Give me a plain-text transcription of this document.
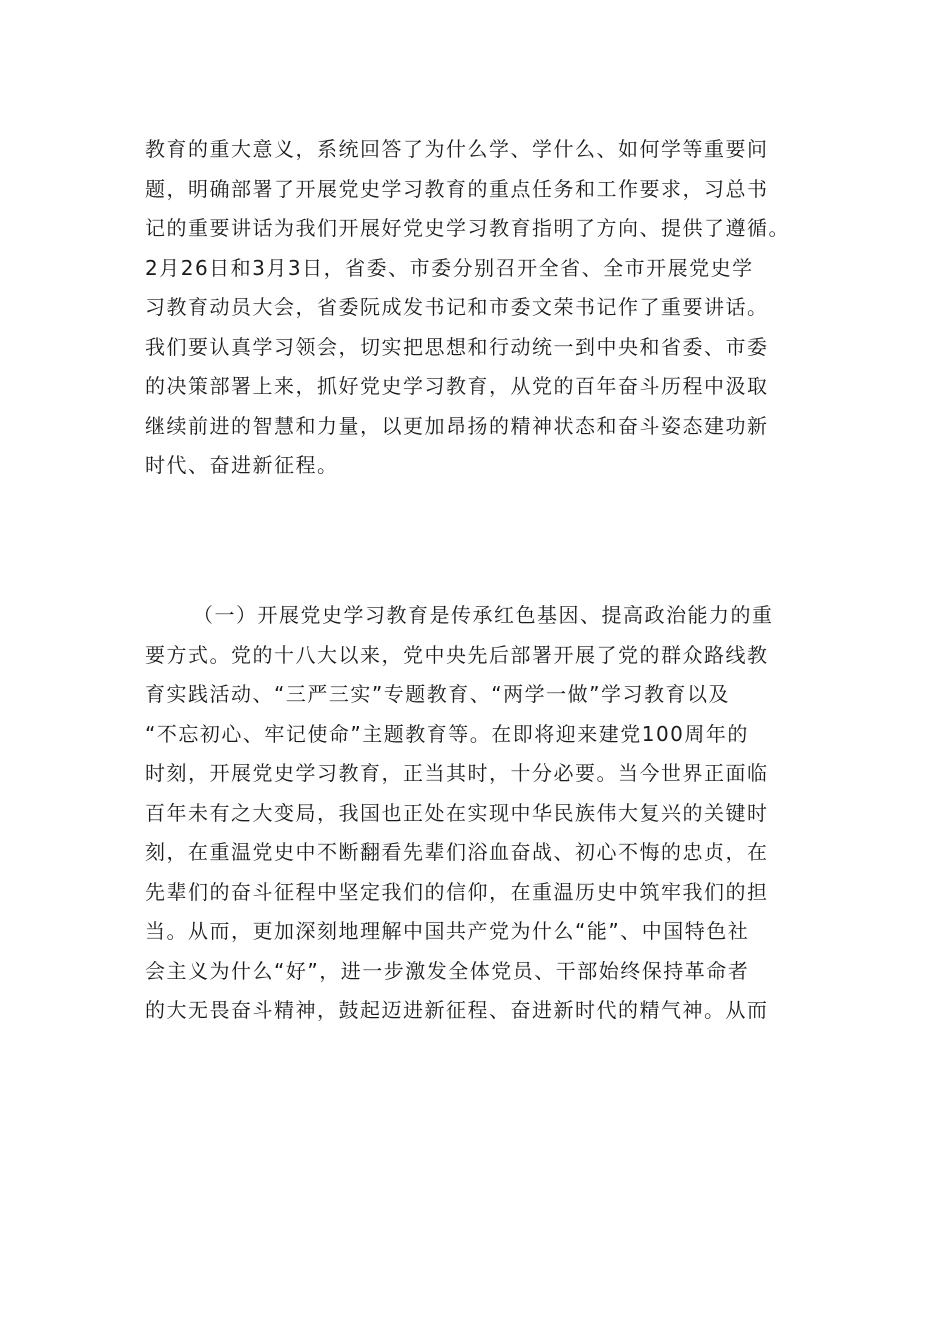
教育的重大意义，系统回答了为什么学、学什么、如何学等重要问
题，明确部署了开展党史学习教育的重点任务和工作要求，习总书
记的重要讲话为我们开展好党史学习教育指明了方向、提供了遵循。
2月26日和3月3日，省委、市委分别召开全省、全市开展党史学
习教育动员大会，省委阮成发书记和市委文荣书记作了重要讲话。
我们要认真学习领会，切实把思想和行动统一到中央和省委、市委
的决策部署上来，抓好党史学习教育，从党的百年奋斗历程中汲取
继续前进的智慧和力量，以更加昂扬的精神状态和奋斗姿态建功新
时代、奋进新征程。
（一）开展党史学习教育是传承红色基因、提高政治能力的重
要方式。党的十八大以来，党中央先后部署开展了党的群众路线教
育实践活动、“三严三实”专题教育、“两学一做”学习教育以及
“不忘初心、牢记使命”主题教育等。在即将迎来建党100周年的
时刻，开展党史学习教育，正当其时，十分必要。当今世界正面临
百年未有之大变局，我国也正处在实现中华民族伟大复兴的关键时
刻，在重温党史中不断翻看先辈们浴血奋战、初心不悔的忠贞，在
先辈们的奋斗征程中坚定我们的信仰，在重温历史中筑牢我们的担
当。从而，更加深刻地理解中国共产党为什么“能”、中国特色社
会主义为什么“好”，进一步激发全体党员、干部始终保持革命者
的大无畏奋斗精神，鼓起迈进新征程、奋进新时代的精气神。从而
